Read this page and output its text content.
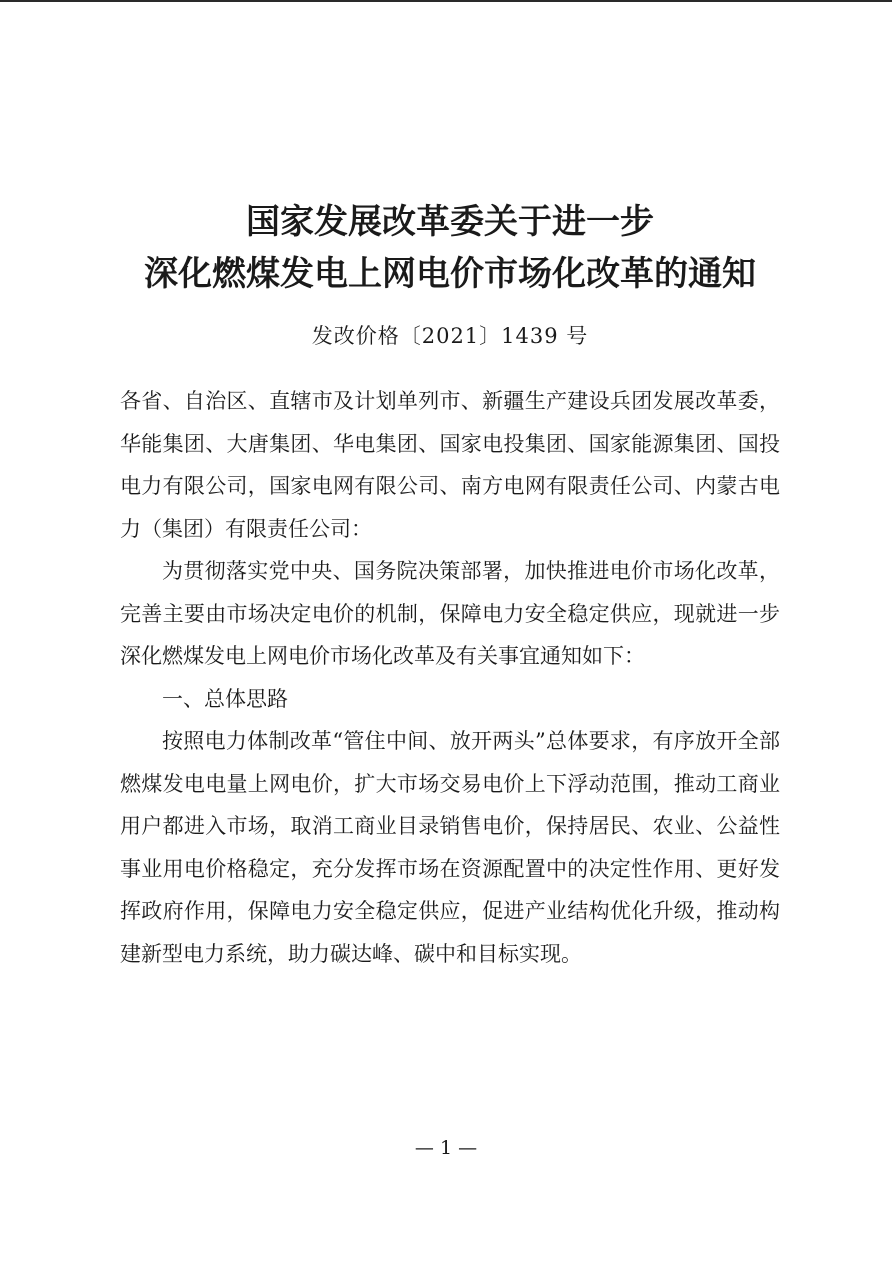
国家发展改革委关于进一步
深化燃煤发电上网电价市场化改革的通知
发改价格〔2021〕1439 号

各省、自治区、直辖市及计划单列市、新疆生产建设兵团发展改革委，华能集团、大唐集团、华电集团、国家电投集团、国家能源集团、国投电力有限公司，国家电网有限公司、南方电网有限责任公司、内蒙古电力（集团）有限责任公司：

为贯彻落实党中央、国务院决策部署，加快推进电价市场化改革，完善主要由市场决定电价的机制，保障电力安全稳定供应，现就进一步深化燃煤发电上网电价市场化改革及有关事宜通知如下：

一、总体思路

按照电力体制改革“管住中间、放开两头”总体要求，有序放开全部燃煤发电电量上网电价，扩大市场交易电价上下浮动范围，推动工商业用户都进入市场，取消工商业目录销售电价，保持居民、农业、公益性事业用电价格稳定，充分发挥市场在资源配置中的决定性作用、更好发挥政府作用，保障电力安全稳定供应，促进产业结构优化升级，推动构建新型电力系统，助力碳达峰、碳中和目标实现。

— 1 —
